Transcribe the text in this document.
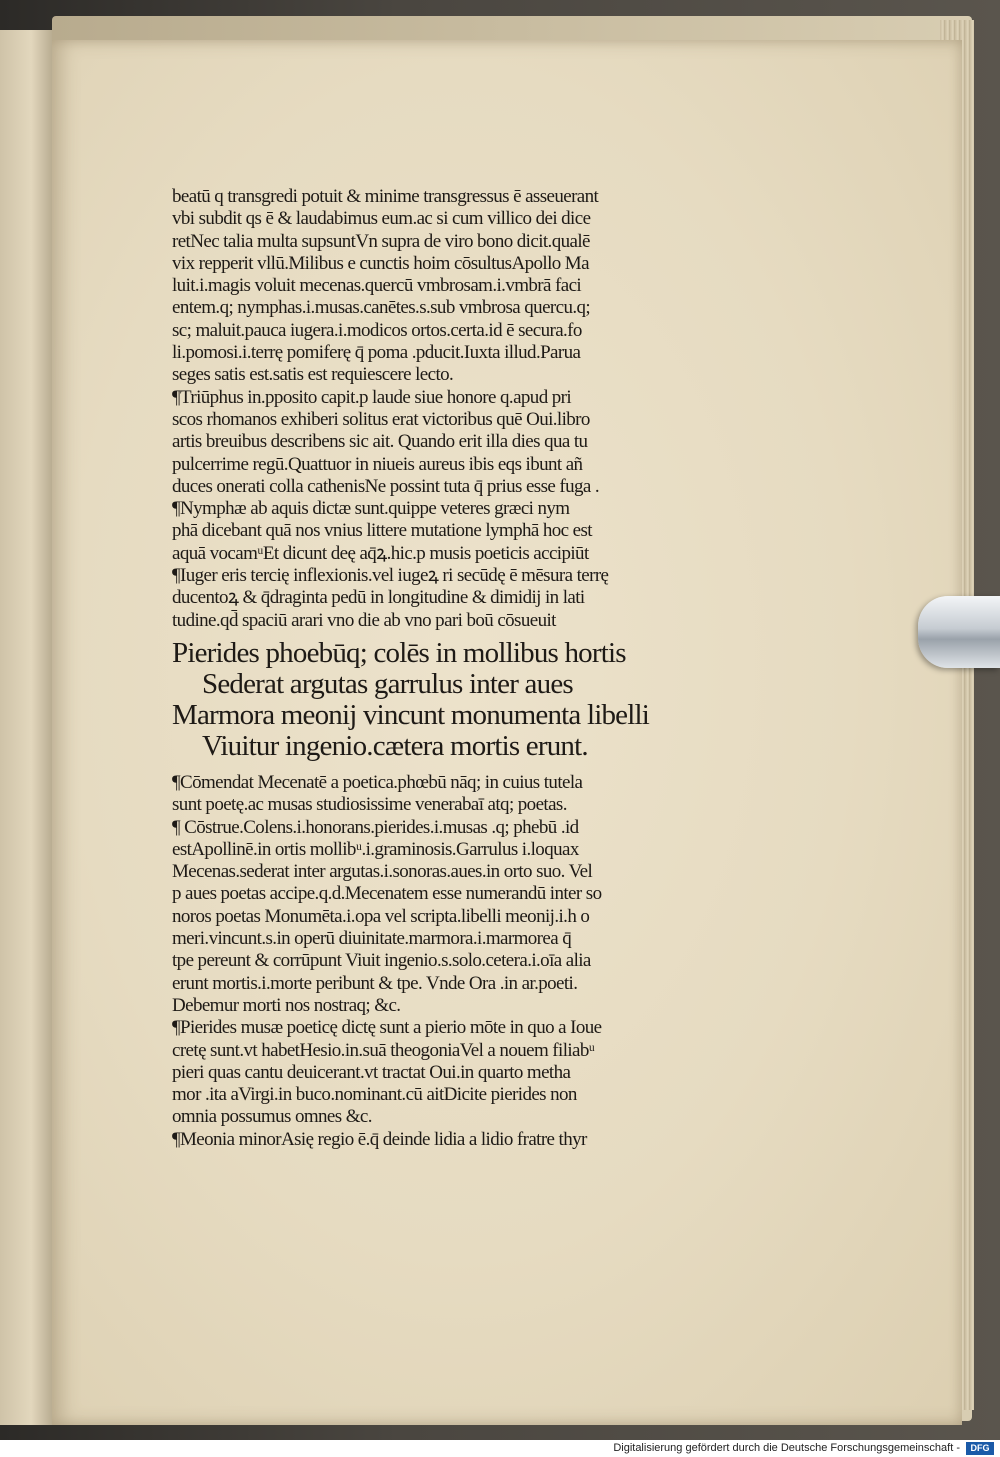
beatū q transgredi potuit & minime transgressus ē asseuerant
vbi subdit qs ē & laudabimus eum.ac si cum villico dei dice
retNec talia multa supsuntVn supra de viro bono dicit.qualē
vix repperit vllū.Milibus e cunctis hoim cōsultusApollo Ma
luit.i.magis voluit mecenas.quercū vmbrosam.i.vmbrā faci
entem.q; nymphas.i.musas.canētes.s.sub vmbrosa quercu.q;
sc; maluit.pauca iugera.i.modicos ortos.certa.id ē secura.fo
li.pomosi.i.terrę pomiferę q̄ poma .pducit.Iuxta illud.Parua
seges satis est.satis est requiescere lecto.
¶Triūphus in.pposito capit.p laude siue honore q.apud pri
scos rhomanos exhiberi solitus erat victoribus quē Oui.libro
artis breuibus describens sic ait. Quando erit illa dies qua tu
pulcerrime regū.Quattuor in niueis aureus ibis eqs ibunt añ
duces onerati colla cathenisNe possint tuta q̄ prius esse fuga .
¶Nymphæ ab aquis dictæ sunt.quippe veteres græci nym
phā dicebant quā nos vnius littere mutatione lymphā hoc est
aquā vocamᵘEt dicunt deę aq̄ꝝ.hic.p musis poeticis accipiūt
¶Iuger eris tercię inflexionis.vel iugeꝝ ri secūdę ē mēsura terrę
ducentoꝝ & q̄draginta pedū in longitudine & dimidij in lati
tudine.qd̄ spaciū arari vno die ab vno pari boū cōsueuit
Pierides phoebūq; colēs in mollibus hortis
Sederat argutas garrulus inter aues
Marmora meonij vincunt monumenta libelli
Viuitur ingenio.cætera mortis erunt.
¶Cōmendat Mecenatē a poetica.phœbū nāq; in cuius tutela
sunt poetę.ac musas studiosissime venerabaī atq; poetas.
¶ Cōstrue.Colens.i.honorans.pierides.i.musas .q; phebū .id
estApollinē.in ortis mollibᵘ.i.graminosis.Garrulus i.loquax
Mecenas.sederat inter argutas.i.sonoras.aues.in orto suo. Vel
p aues poetas accipe.q.d.Mecenatem esse numerandū inter so
noros poetas Monumēta.i.opa vel scripta.libelli meonij.i.h o
meri.vincunt.s.in operū diuinitate.marmora.i.marmorea q̄
tpe pereunt & corrūpunt Viuit ingenio.s.solo.cetera.i.oīa alia
erunt mortis.i.morte peribunt & tpe. Vnde Ora .in ar.poeti.
Debemur morti nos nostraq; &c.
¶Pierides musæ poeticę dictę sunt a pierio mōte in quo a Ioue
cretę sunt.vt habetHesio.in.suā theogoniaVel a nouem filiabᵘ
pieri quas cantu deuicerant.vt tractat Oui.in quarto metha
mor .ita aVirgi.in buco.nominant.cū aitDicite pierides non
omnia possumus omnes &c.
¶Meonia minorAsię regio ē.q̄ deinde lidia a lidio fratre thyr
Digitalisierung gefördert durch die Deutsche Forschungsgemeinschaft -	DFG
